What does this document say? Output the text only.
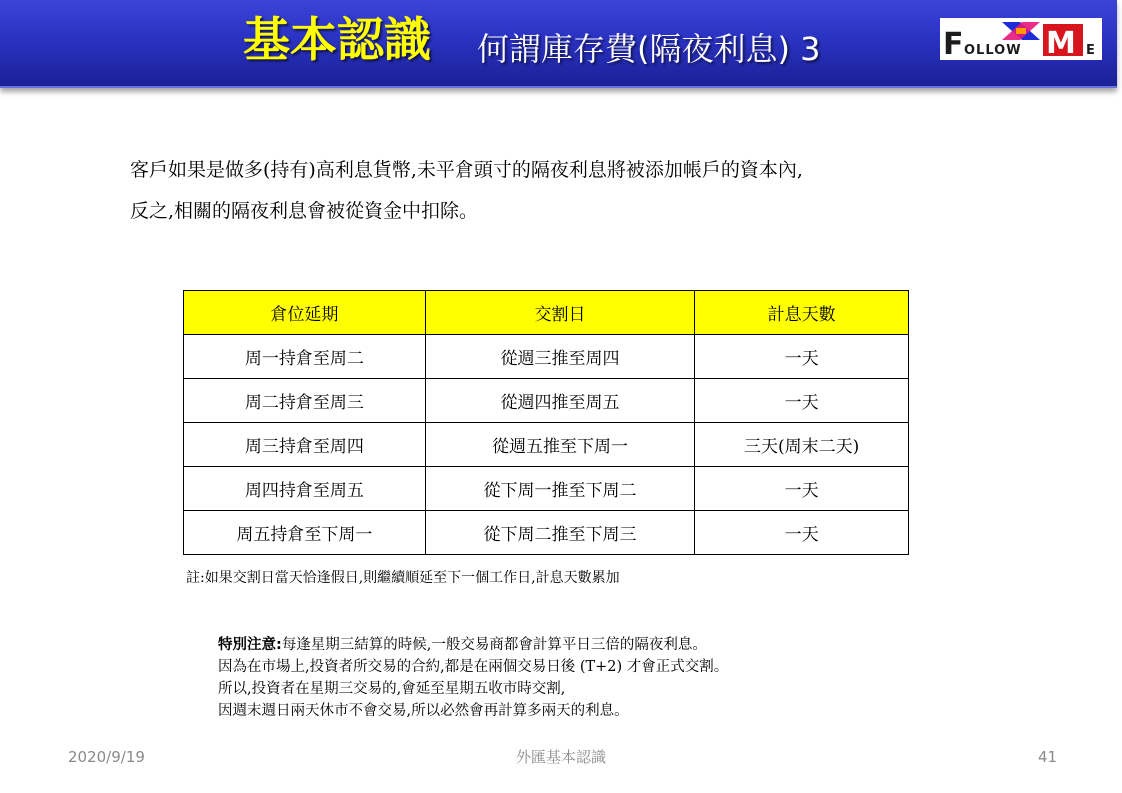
基本認識 何謂庫存費(隔夜利息) 3	F OLLOW M E

客戶如果是做多(持有)高利息貨幣,未平倉頭寸的隔夜利息將被添加帳戶的資本內,

反之,相關的隔夜利息會被從資金中扣除。

倉位延期	交割日	計息天數
周一持倉至周二	從週三推至周四	一天
周二持倉至周三	從週四推至周五	一天
周三持倉至周四	從週五推至下周一	三天(周末二天)
周四持倉至周五	從下周一推至下周二	一天
周五持倉至下周一	從下周二推至下周三	一天
註:如果交割日當天恰逢假日,則繼續順延至下一個工作日,計息天數累加

特別注意:每逢星期三結算的時候,一般交易商都會計算平日三倍的隔夜利息。

因為在市場上,投資者所交易的合約,都是在兩個交易日後 (T+2) 才會正式交割。

所以,投資者在星期三交易的,會延至星期五收市時交割,

因週末週日兩天休市不會交易,所以必然會再計算多兩天的利息。

2020/9/19	外匯基本認識	41
